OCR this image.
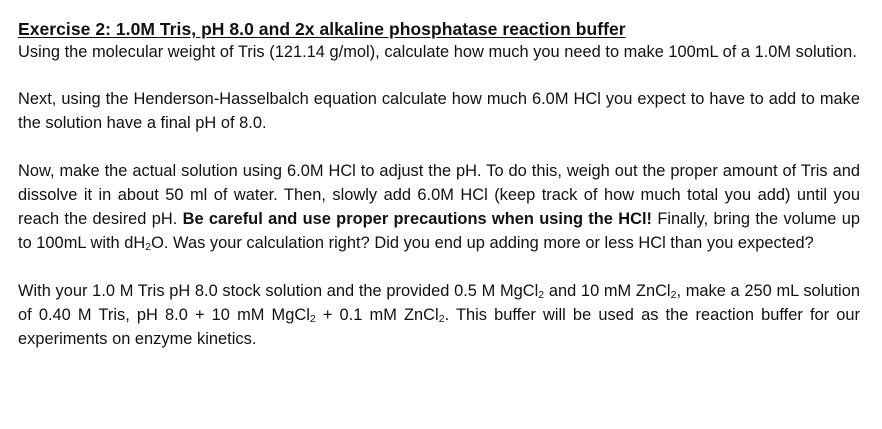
Exercise 2: 1.0M Tris, pH 8.0 and 2x alkaline phosphatase reaction buffer

Using the molecular weight of Tris (121.14 g/mol), calculate how much you need to make 100mL of a 1.0M solution.

Next, using the Henderson-Hasselbalch equation calculate how much 6.0M HCl you expect to have to add to make the solution have a final pH of 8.0.

Now, make the actual solution using 6.0M HCl to adjust the pH. To do this, weigh out the proper amount of Tris and dissolve it in about 50 ml of water. Then, slowly add 6.0M HCl (keep track of how much total you add) until you reach the desired pH. Be careful and use proper precautions when using the HCl! Finally, bring the volume up to 100mL with $dH_2O$. Was your calculation right? Did you end up adding more or less HCl than you expected?

With your 1.0 M Tris pH 8.0 stock solution and the provided 0.5 M MgCl$_2$ and 10 mM ZnCl$_2$, make a 250 mL solution of 0.40 M Tris, pH 8.0 + 10 mM MgCl$_2$ + 0.1 mM ZnCl$_2$. This buffer will be used as the reaction buffer for our experiments on enzyme kinetics.
